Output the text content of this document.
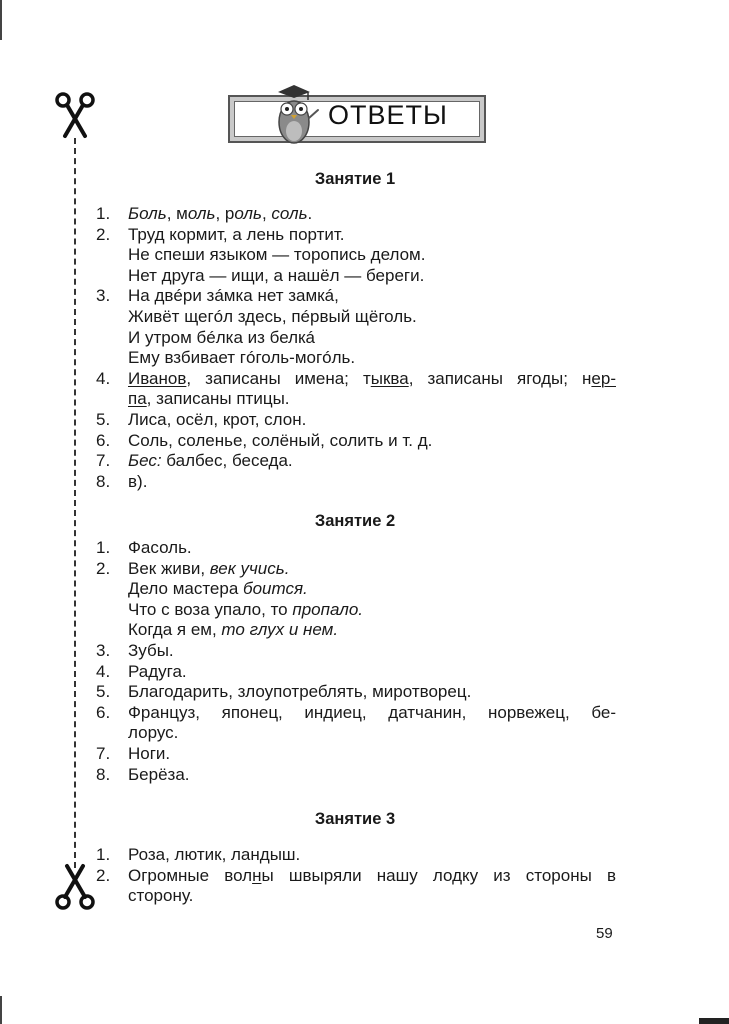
ОТВЕТЫ
Занятие 1
1. Боль, моль, роль, соль.
2. Труд кормит, а лень портит.
Не спеши языком — торопись делом.
Нет друга — ищи, а нашёл — береги.
3. На двéри зáмка нет замкá,
Живёт щегóл здесь, пéрвый щёголь.
И утром бéлка из белкá
Ему взбивает гóголь-могóль.
4. Иванов, записаны имена; тыква, записаны ягоды; нер-
па, записаны птицы.
5. Лиса, осёл, крот, слон.
6. Соль, соленье, солёный, солить и т. д.
7. Бес: балбес, беседа.
8. в).
Занятие 2
1. Фасоль.
2. Век живи, век учись.
Дело мастера боится.
Что с воза упало, то пропало.
Когда я ем, то глух и нем.
3. Зубы.
4. Радуга.
5. Благодарить, злоупотреблять, миротворец.
6. Француз, японец, индиец, датчанин, норвежец, бе-
лорус.
7. Ноги.
8. Берёза.
Занятие 3
1. Роза, лютик, ландыш.
2. Огромные волны швыряли нашу лодку из стороны в
сторону.
59
